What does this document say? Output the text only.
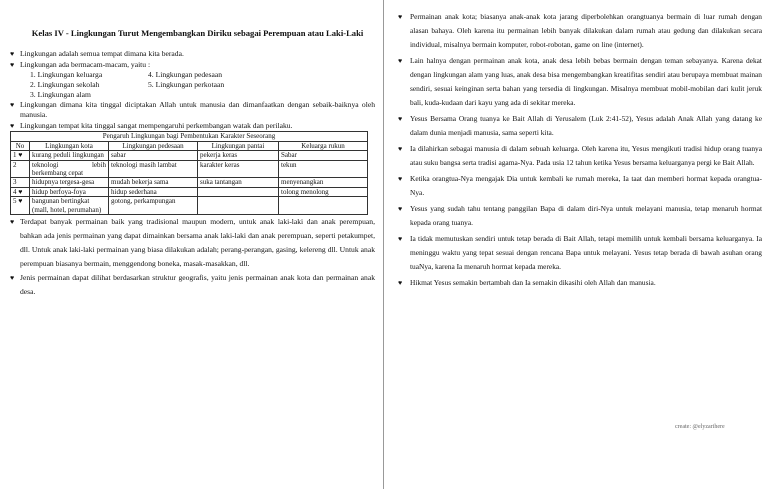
Kelas IV - Lingkungan Turut Mengembangkan Diriku sebagai Perempuan atau Laki-Laki

♥ Lingkungan adalah semua tempat dimana kita berada.

♥ Lingkungan ada bermacam-macam, yaitu :

1. Lingkungan keluarga	4. Lingkungan pedesaan
2. Lingkungan sekolah	5. Lingkungan perkotaan
3. Lingkungan alam

♥ Lingkungan dimana kita tinggal diciptakan Allah untuk manusia dan dimanfaatkan dengan sebaik-baiknya oleh manusia.

♥ Lingkungan tempat kita tinggal sangat mempengaruhi perkembangan watak dan perilaku.

Pengaruh Lingkungan bagi Pembentukan Karakter Seseorang				
No	Lingkungan kota	Lingkungan pedesaan	Lingkungan pantai	Keluarga rukun
1 ♥	kurang peduli lingkungan	sabar	pekerja keras	Sabar
2	teknologi lebih berkembang cepat	teknologi masih lambat	karakter keras	tekun
3	hidupnya tergesa-gesa	mudah bekerja sama	suka tantangan	menyenangkan
4 ♥	hidup berfoya-foya	hidup sederhana		tolong menolong
5 ♥	bangunan bertingkat (mall, hotel, perumahan)	gotong, perkampungan		

♥ Terdapat banyak permainan baik yang tradisional maupun modern, untuk anak laki-laki dan anak perempuan, bahkan ada jenis permainan yang dapat dimainkan bersama anak laki-laki dan anak perempuan, seperti petakumpet, dll. Untuk anak laki-laki permainan yang biasa dilakukan adalah; perang-perangan, gasing, kelereng dll. Untuk anak perempuan biasanya bermain, menggendong boneka, masak-masakkan, dll.

♥ Jenis permainan dapat dilihat berdasarkan struktur geografis, yaitu jenis permainan anak kota dan permainan anak desa.

♥ Permainan anak kota; biasanya anak-anak kota jarang diperbolehkan orangtuanya bermain di luar rumah dengan alasan bahaya. Oleh karena itu permainan lebih banyak dilakukan dalam rumah atau gedung dan dilakukan secara individual, misalnya bermain komputer, robot-robotan, game on line (internet).

♥ Lain halnya dengan permainan anak kota, anak desa lebih bebas bermain dengan teman sebayanya. Karena dekat dengan lingkungan alam yang luas, anak desa bisa mengembangkan kreatifitas sendiri atau berupaya membuat mainan sendiri, sesuai keinginan serta bahan yang tersedia di lingkungan. Misalnya membuat mobil-mobilan dari kulit jeruk bali, kuda-kudaan dari kayu yang ada di sekitar mereka.

♥ Yesus Bersama Orang tuanya ke Bait Allah di Yerusalem (Luk 2:41-52), Yesus adalah Anak Allah yang datang ke dalam dunia menjadi manusia, sama seperti kita.

♥ Ia dilahirkan sebagai manusia di dalam sebuah keluarga. Oleh karena itu, Yesus mengikuti tradisi hidup orang tuanya atau suku bangsa serta tradisi agama-Nya. Pada usia 12 tahun ketika Yesus bersama keluarganya pergi ke Bait Allah.

♥ Ketika orangtua-Nya mengajak Dia untuk kembali ke rumah mereka, Ia taat dan memberi hormat kepada orangtua-Nya.

♥ Yesus yang sudah tahu tentang panggilan Bapa di dalam diri-Nya untuk melayani manusia, tetap menaruh hormat kepada orang tuanya.

♥ Ia tidak memutuskan sendiri untuk tetap berada di Bait Allah, tetapi memilih untuk kembali bersama keluarganya. Ia meninggu waktu yang tepat sesuai dengan rencana Bapa untuk melayani. Yesus tetap berada di bawah asuhan orang tuaNya, karena Ia menaruh hormat kepada mereka.

♥ Hikmat Yesus semakin bertambah dan Ia semakin dikasihi oleh Allah dan manusia.

create: @elyzarihere
